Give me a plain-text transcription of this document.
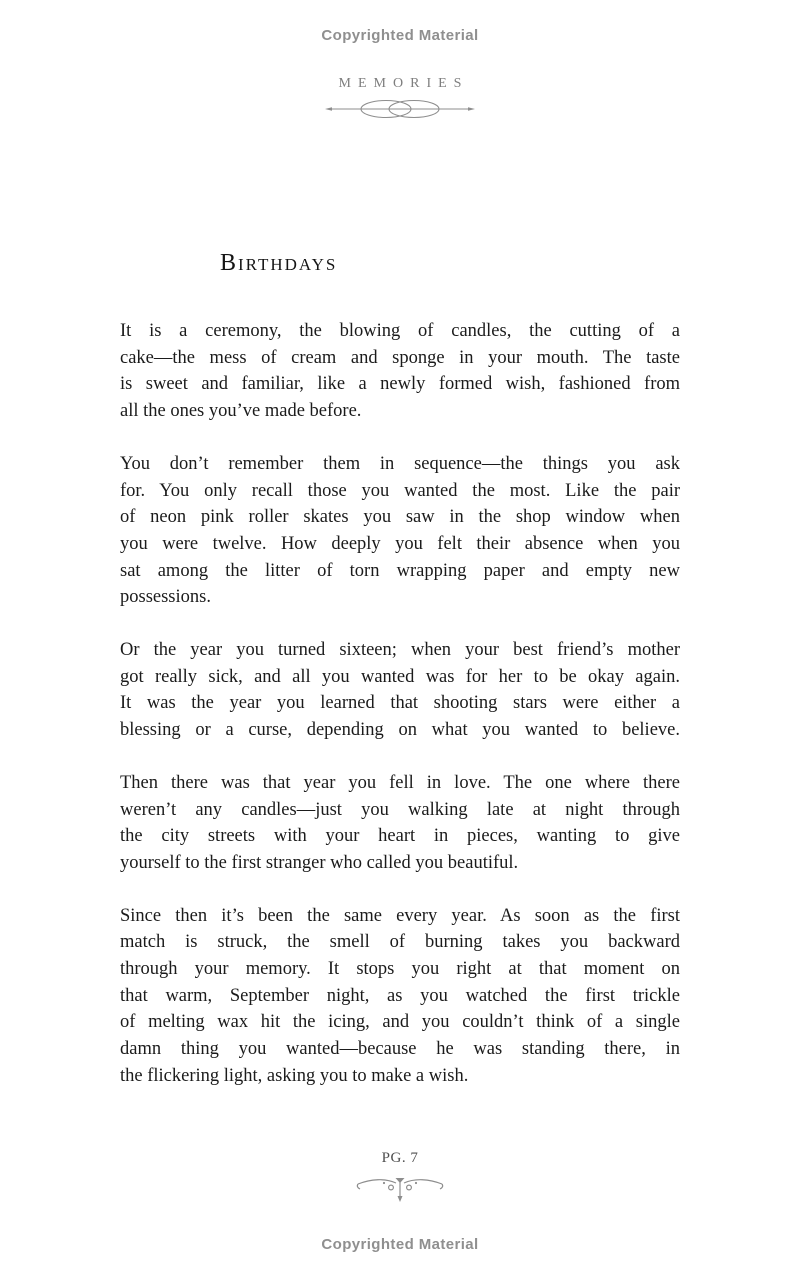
Copyrighted Material
MEMORIES
Birthdays
It is a ceremony, the blowing of candles, the cutting of a
cake—the mess of cream and sponge in your mouth. The taste
is sweet and familiar, like a newly formed wish, fashioned from
all the ones you’ve made before.
You don’t remember them in sequence—the things you ask
for. You only recall those you wanted the most. Like the pair
of neon pink roller skates you saw in the shop window when
you were twelve. How deeply you felt their absence when you
sat among the litter of torn wrapping paper and empty new
possessions.
Or the year you turned sixteen; when your best friend’s mother
got really sick, and all you wanted was for her to be okay again.
It was the year you learned that shooting stars were either a
blessing or a curse, depending on what you wanted to believe.
Then there was that year you fell in love. The one where there
weren’t any candles—just you walking late at night through
the city streets with your heart in pieces, wanting to give
yourself to the first stranger who called you beautiful.
Since then it’s been the same every year. As soon as the first
match is struck, the smell of burning takes you backward
through your memory. It stops you right at that moment on
that warm, September night, as you watched the first trickle
of melting wax hit the icing, and you couldn’t think of a single
damn thing you wanted—because he was standing there, in
the flickering light, asking you to make a wish.
PG. 7
Copyrighted Material
